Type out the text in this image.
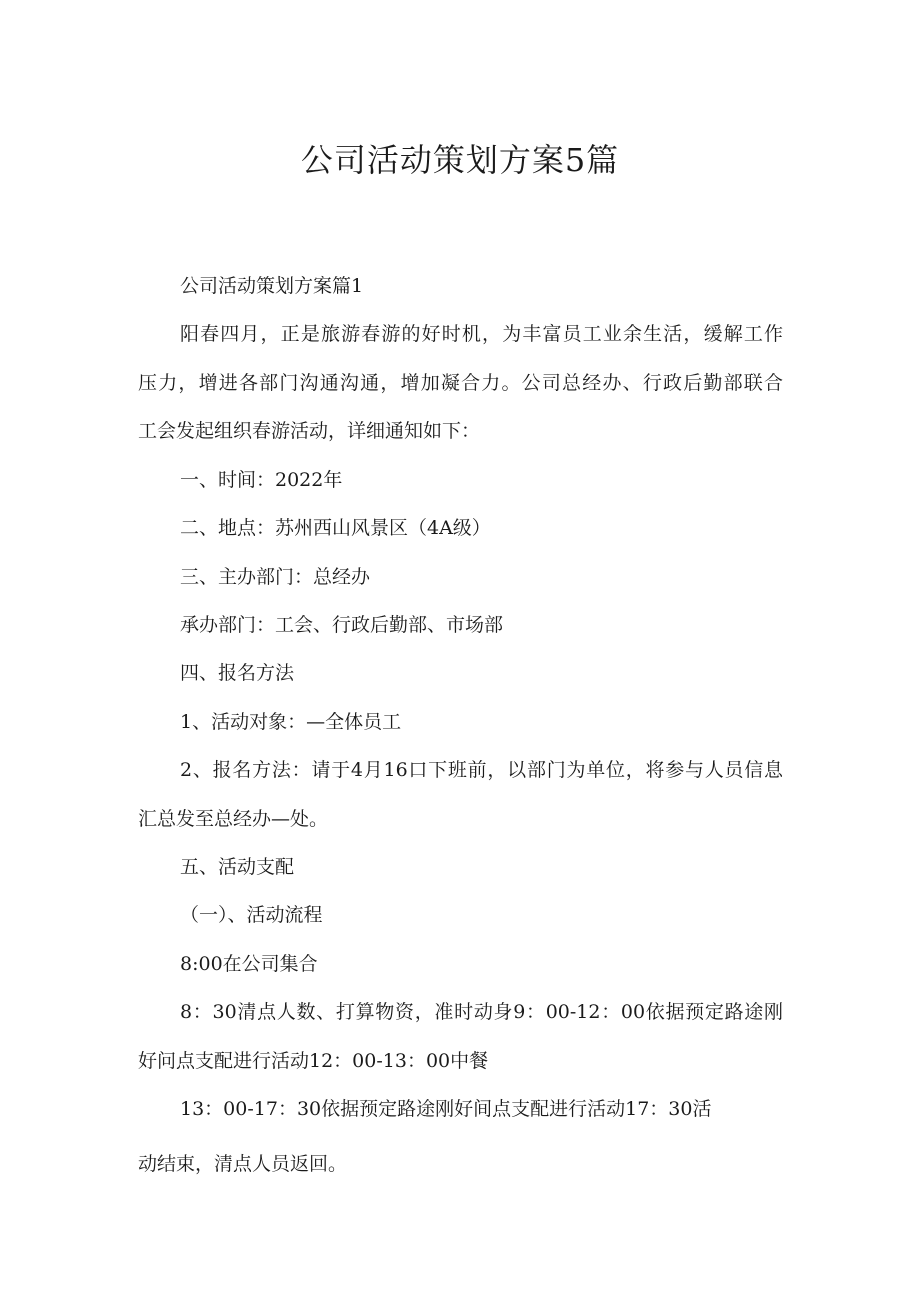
公司活动策划方案5篇

公司活动策划方案篇1

阳春四月，正是旅游春游的好时机，为丰富员工业余生活，缓解工作

压力，增进各部门沟通沟通，增加凝合力。公司总经办、行政后勤部联合

工会发起组织春游活动，详细通知如下：

一、时间：2022年

二、地点：苏州西山风景区（4A级）

三、主办部门：总经办

承办部门：工会、行政后勤部、市场部

四、报名方法

1、活动对象：—全体员工

2、报名方法：请于4月16口下班前，以部门为单位，将参与人员信息

汇总发至总经办—处。

五、活动支配

（一）、活动流程

8:00在公司集合

8：30清点人数、打算物资，准时动身9：00-12：00依据预定路途刚

好问点支配进行活动12：00-13：00中餐

13：00-17：30依据预定路途刚好间点支配进行活动17：30活

动结束，清点人员返回。
